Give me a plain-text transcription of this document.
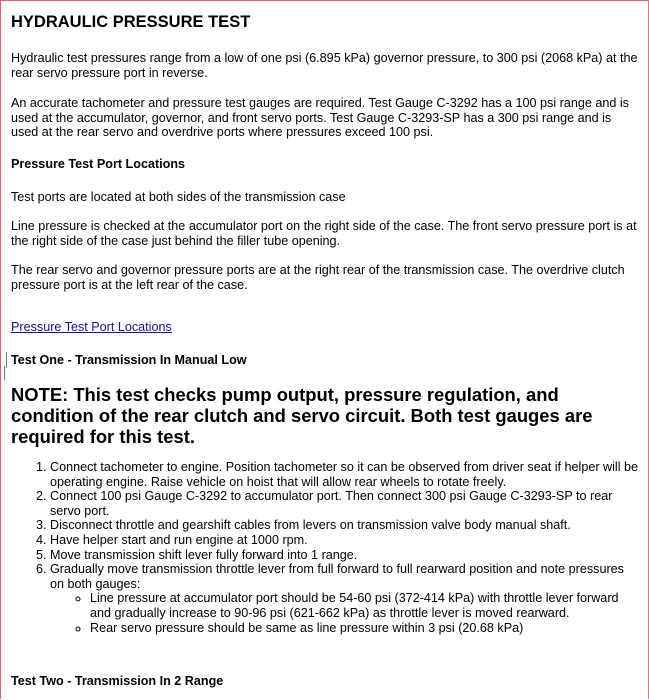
HYDRAULIC PRESSURE TEST

Hydraulic test pressures range from a low of one psi (6.895 kPa) governor pressure, to 300 psi (2068 kPa) at the rear servo pressure port in reverse.

An accurate tachometer and pressure test gauges are required. Test Gauge C-3292 has a 100 psi range and is used at the accumulator, governor, and front servo ports. Test Gauge C-3293-SP has a 300 psi range and is used at the rear servo and overdrive ports where pressures exceed 100 psi.

Pressure Test Port Locations

Test ports are located at both sides of the transmission case

Line pressure is checked at the accumulator port on the right side of the case. The front servo pressure port is at the right side of the case just behind the filler tube opening.

The rear servo and governor pressure ports are at the right rear of the transmission case. The overdrive clutch pressure port is at the left rear of the case.

Pressure Test Port Locations

Test One - Transmission In Manual Low

NOTE: This test checks pump output, pressure regulation, and condition of the rear clutch and servo circuit. Both test gauges are required for this test.

1. Connect tachometer to engine. Position tachometer so it can be observed from driver seat if helper will be operating engine. Raise vehicle on hoist that will allow rear wheels to rotate freely.
2. Connect 100 psi Gauge C-3292 to accumulator port. Then connect 300 psi Gauge C-3293-SP to rear servo port.
3. Disconnect throttle and gearshift cables from levers on transmission valve body manual shaft.
4. Have helper start and run engine at 1000 rpm.
5. Move transmission shift lever fully forward into 1 range.
6. Gradually move transmission throttle lever from full forward to full rearward position and note pressures on both gauges:
◦ Line pressure at accumulator port should be 54-60 psi (372-414 kPa) with throttle lever forward and gradually increase to 90-96 psi (621-662 kPa) as throttle lever is moved rearward.
◦ Rear servo pressure should be same as line pressure within 3 psi (20.68 kPa)

Test Two - Transmission In 2 Range
